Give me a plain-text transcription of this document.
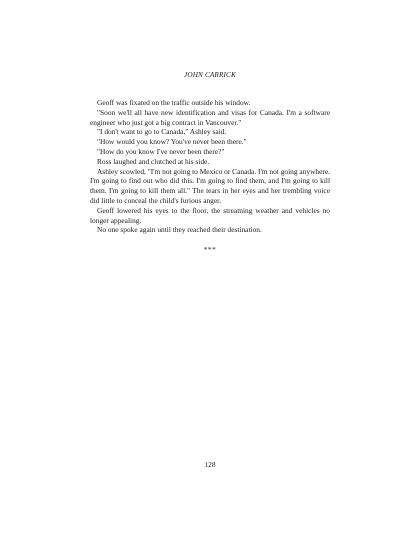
JOHN CARRICK

Geoff was fixated on the traffic outside his window.

"Soon we'll all have new identification and visas for Canada. I'm a software engineer who just got a big contract in Vancouver."

"I don't want to go to Canada," Ashley said.

"How would you know? You've never been there."

"How do you know I've never been there?"

Ross laughed and clutched at his side.

Ashley scowled, "I'm not going to Mexico or Canada. I'm not going anywhere. I'm going to find out who did this. I'm going to find them, and I'm going to kill them. I'm going to kill them all." The tears in her eyes and her trembling voice did little to conceal the child's furious anger.

Geoff lowered his eyes to the floor, the streaming weather and vehicles no longer appealing.

No one spoke again until they reached their destination.

***
128
